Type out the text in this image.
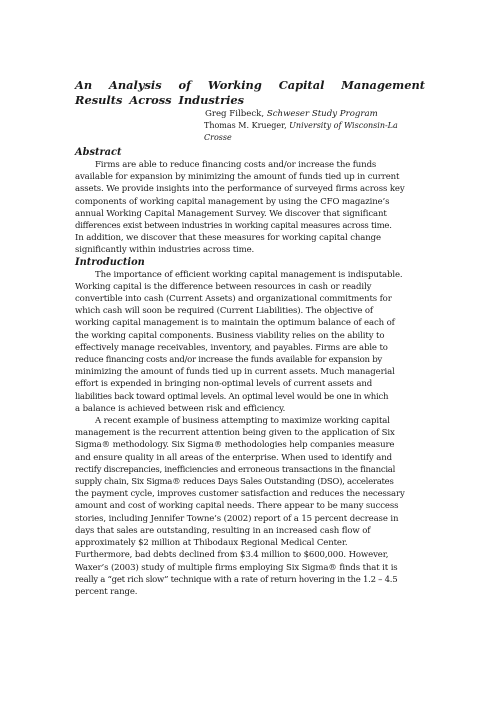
An Analysis of Working Capital Management Results Across Industries

Greg Filbeck, Schweser Study Program

Thomas M. Krueger, University of Wisconsin-La Crosse

Abstract

Firms are able to reduce financing costs and/or increase the funds
available for expansion by minimizing the amount of funds tied up in current
assets. We provide insights into the performance of surveyed firms across key
components of working capital management by using the CFO magazine’s
annual Working Capital Management Survey. We discover that significant
differences exist between industries in working capital measures across time.
In addition, we discover that these measures for working capital change
significantly within industries across time.

Introduction

The importance of efficient working capital management is indisputable.
Working capital is the difference between resources in cash or readily
convertible into cash (Current Assets) and organizational commitments for
which cash will soon be required (Current Liabilities). The objective of
working capital management is to maintain the optimum balance of each of
the working capital components. Business viability relies on the ability to
effectively manage receivables, inventory, and payables. Firms are able to
reduce financing costs and/or increase the funds available for expansion by
minimizing the amount of funds tied up in current assets. Much managerial
effort is expended in bringing non-optimal levels of current assets and
liabilities back toward optimal levels. An optimal level would be one in which
a balance is achieved between risk and efficiency.

A recent example of business attempting to maximize working capital
management is the recurrent attention being given to the application of Six
Sigma® methodology. Six Sigma® methodologies help companies measure
and ensure quality in all areas of the enterprise. When used to identify and
rectify discrepancies, inefficiencies and erroneous transactions in the financial
supply chain, Six Sigma® reduces Days Sales Outstanding (DSO), accelerates
the payment cycle, improves customer satisfaction and reduces the necessary
amount and cost of working capital needs. There appear to be many success
stories, including Jennifer Towne’s (2002) report of a 15 percent decrease in
days that sales are outstanding, resulting in an increased cash flow of
approximately $2 million at Thibodaux Regional Medical Center.
Furthermore, bad debts declined from $3.4 million to $600,000. However,
Waxer’s (2003) study of multiple firms employing Six Sigma® finds that it is
really a “get rich slow” technique with a rate of return hovering in the 1.2 – 4.5
percent range.
